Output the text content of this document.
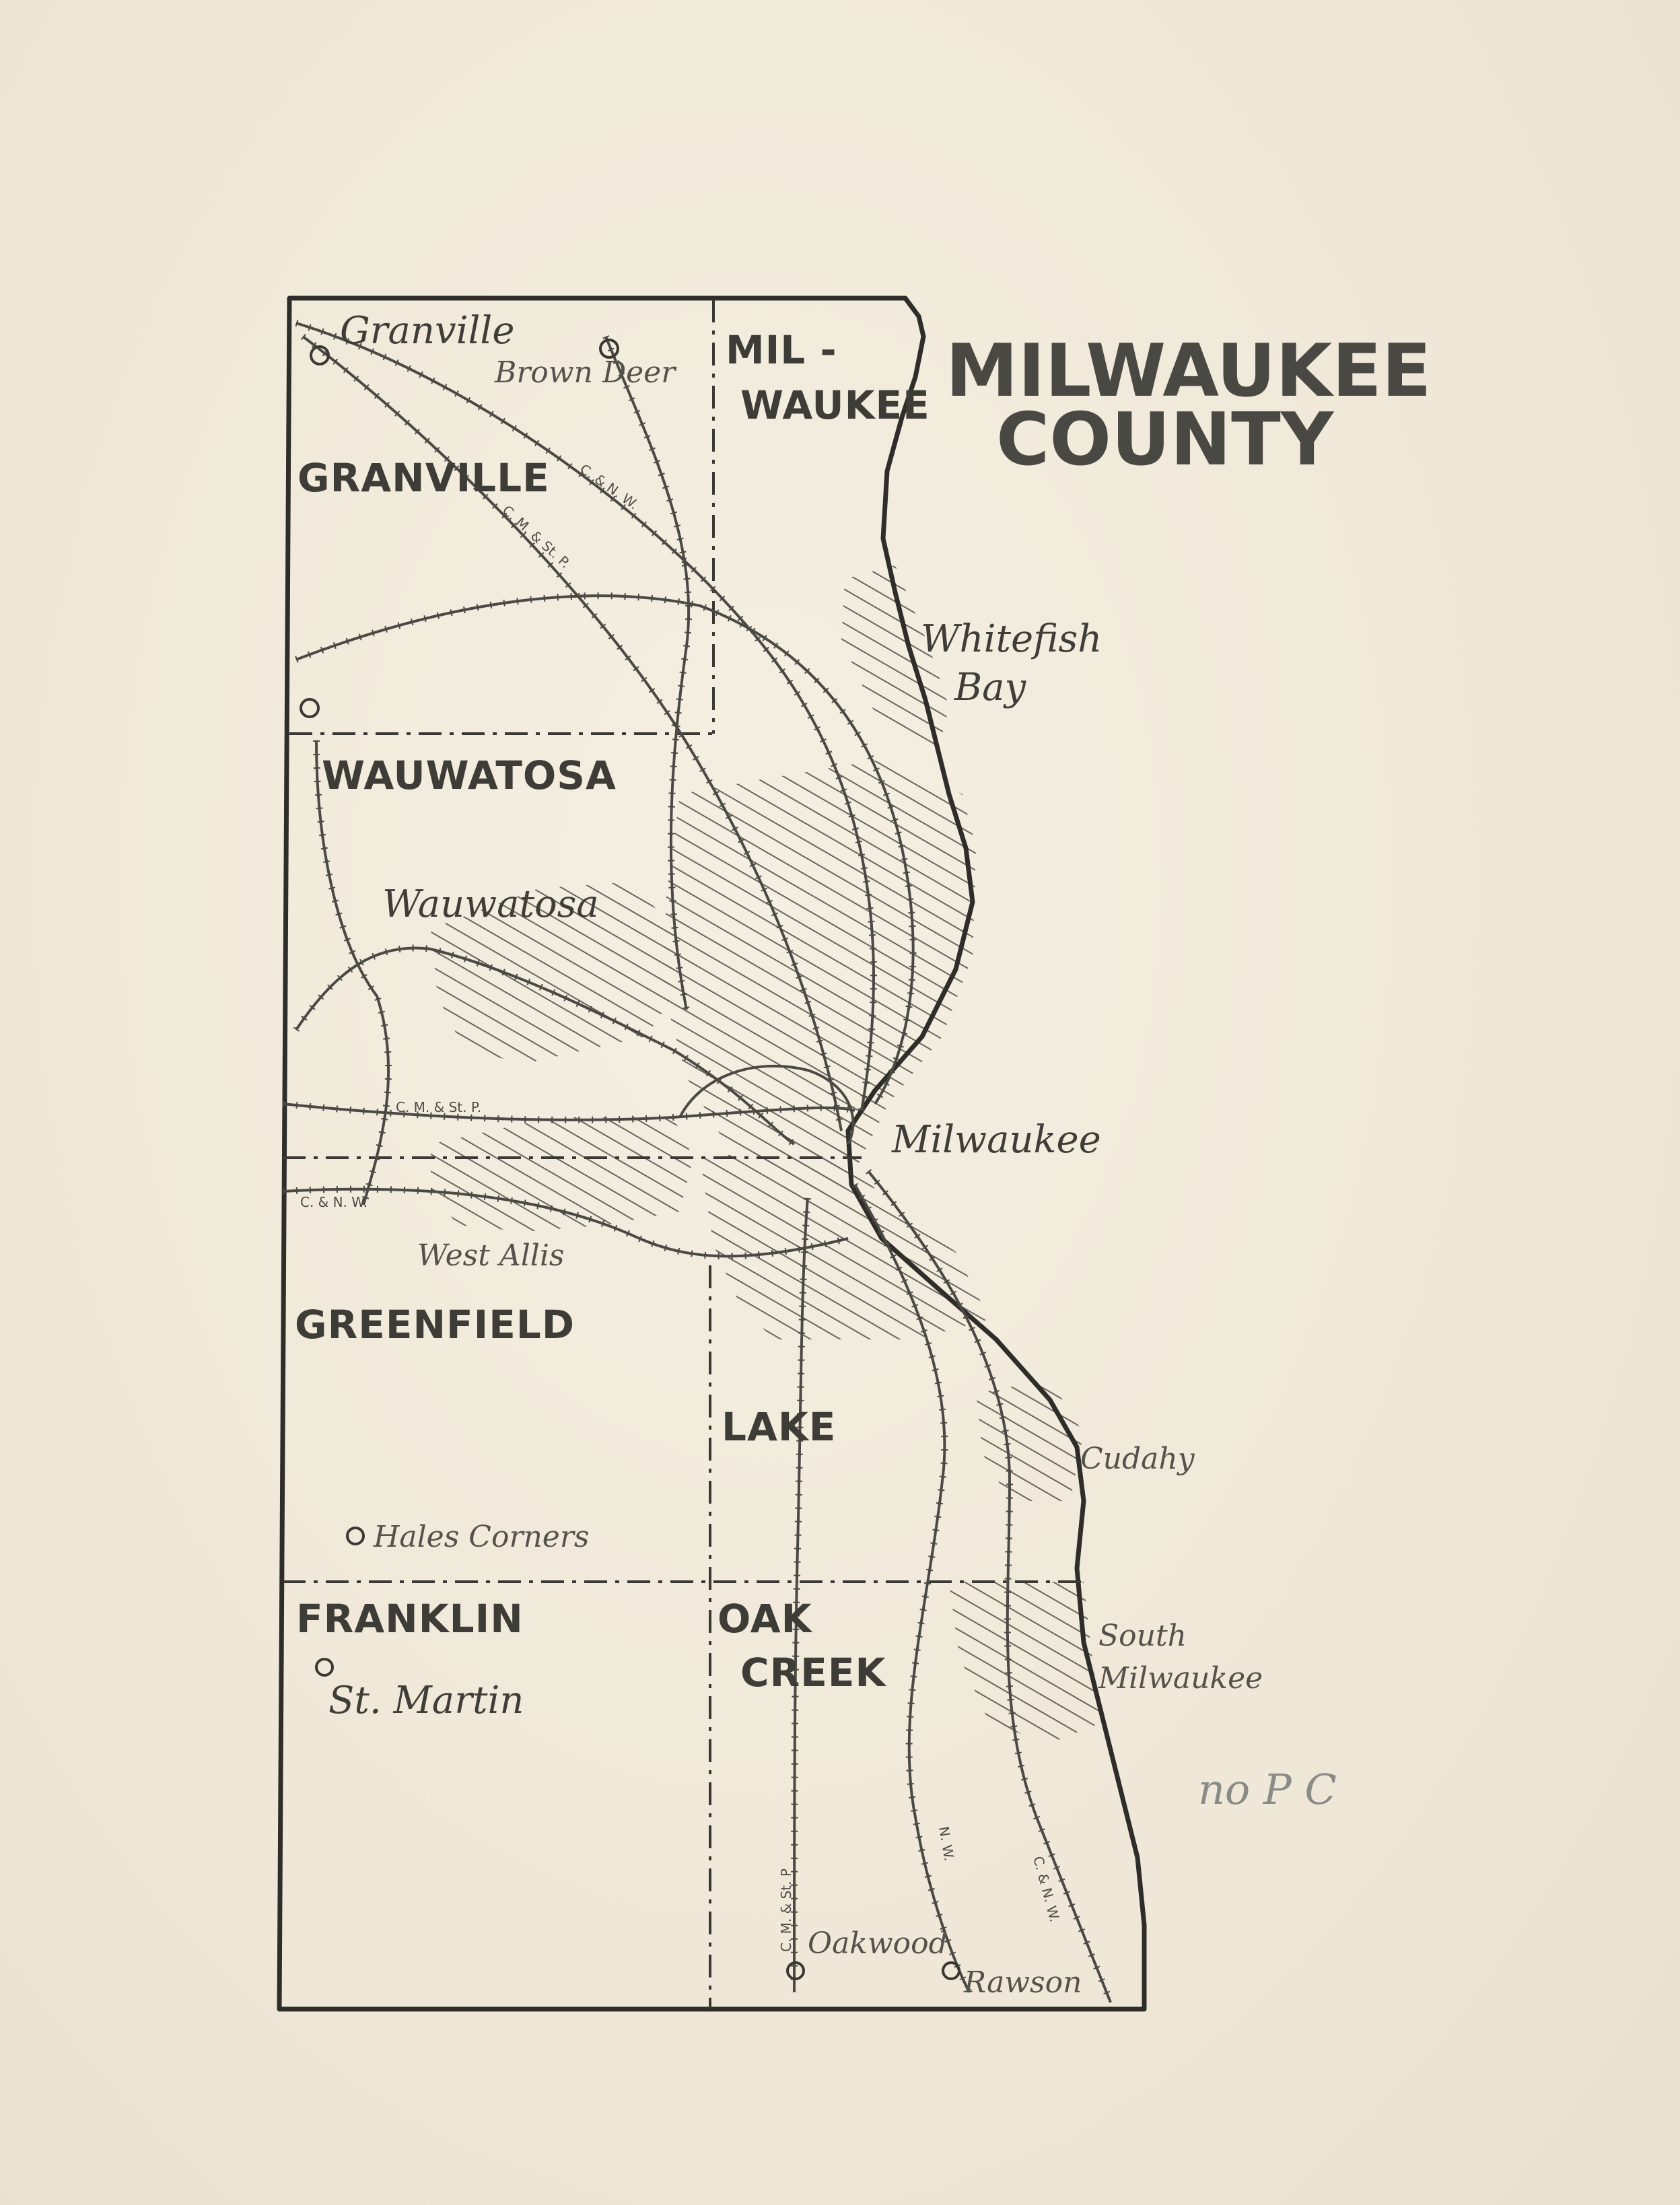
MILWAUKEE
COUNTY
GRANVILLE
MIL -
WAUKEE
WAUWATOSA
GREENFIELD
LAKE
FRANKLIN	OAK
CREEK
Granville
Brown Deer
Whitefish
Bay
Wauwatosa
Milwaukee
West Allis
Cudahy
Hales Corners
St. Martin
South
Milwaukee
Oakwood
Rawson
C. M. & St. P.
C. & N. W.
C. & N. W.
C. M. & St. P.
C. M. & St. P
N. W.
C. & N. W.
no P C
